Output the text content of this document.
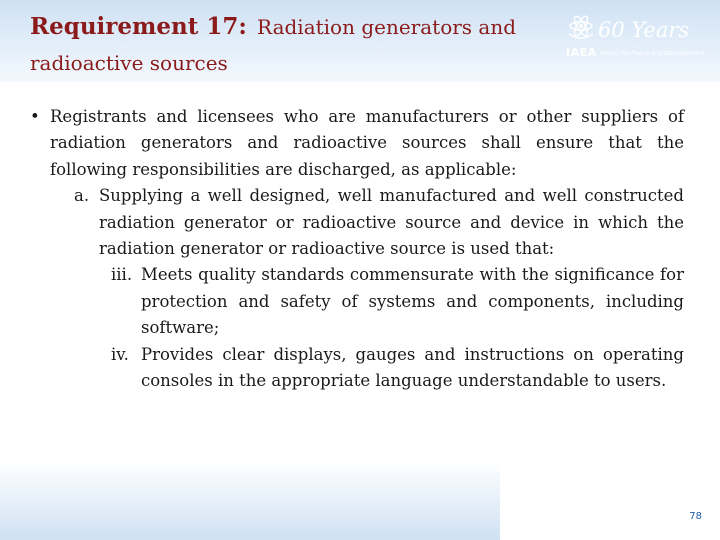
Requirement 17: Radiation generators and radioactive sources	IAEA
60 Years
Atoms for Peace and Development
• Registrants and licensees who are manufacturers or other suppliers of radiation generators and radioactive sources shall ensure that the following responsibilities are discharged, as applicable:
a. Supplying a well designed, well manufactured and well constructed radiation generator or radioactive source and device in which the radiation generator or radioactive source is used that:
iii. Meets quality standards commensurate with the significance for protection and safety of systems and components, including software;
iv. Provides clear displays, gauges and instructions on operating consoles in the appropriate language understandable to users.
78
